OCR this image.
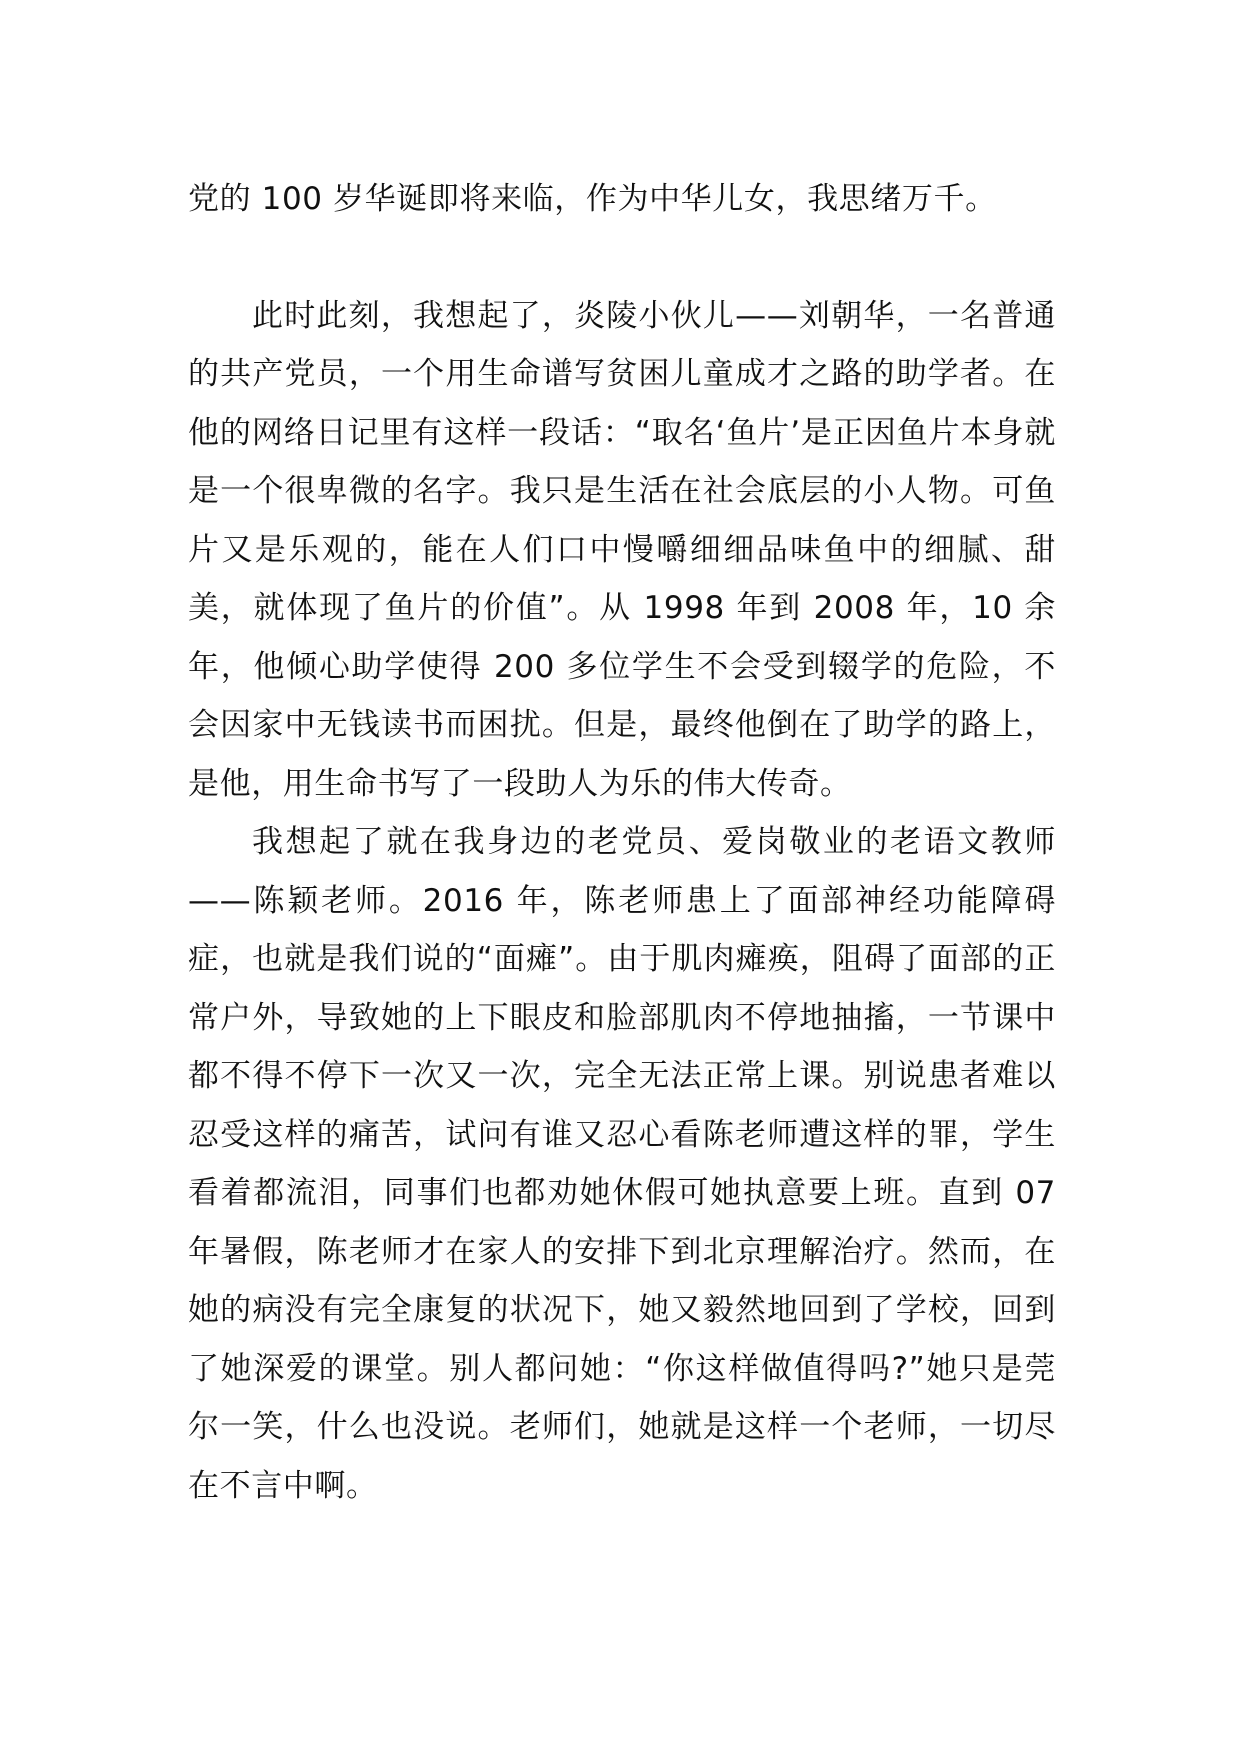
党的 100 岁华诞即将来临，作为中华儿女，我思绪万千。

此时此刻，我想起了，炎陵小伙儿——刘朝华，一名普通的共产党员，一个用生命谱写贫困儿童成才之路的助学者。在他的网络日记里有这样一段话：“取名‘鱼片’是正因鱼片本身就是一个很卑微的名字。我只是生活在社会底层的小人物。可鱼片又是乐观的，能在人们口中慢嚼细细品味鱼中的细腻、甜美，就体现了鱼片的价值”。从 1998 年到 2008 年，10 余年，他倾心助学使得 200 多位学生不会受到辍学的危险，不会因家中无钱读书而困扰。但是，最终他倒在了助学的路上，是他，用生命书写了一段助人为乐的伟大传奇。

我想起了就在我身边的老党员、爱岗敬业的老语文教师——陈颖老师。2016 年，陈老师患上了面部神经功能障碍症，也就是我们说的“面瘫”。由于肌肉瘫痪，阻碍了面部的正常户外，导致她的上下眼皮和脸部肌肉不停地抽搐，一节课中都不得不停下一次又一次，完全无法正常上课。别说患者难以忍受这样的痛苦，试问有谁又忍心看陈老师遭这样的罪，学生看着都流泪，同事们也都劝她休假可她执意要上班。直到 07 年暑假，陈老师才在家人的安排下到北京理解治疗。然而，在她的病没有完全康复的状况下，她又毅然地回到了学校，回到了她深爱的课堂。别人都问她：“你这样做值得吗?”她只是莞尔一笑，什么也没说。老师们，她就是这样一个老师，一切尽在不言中啊。
